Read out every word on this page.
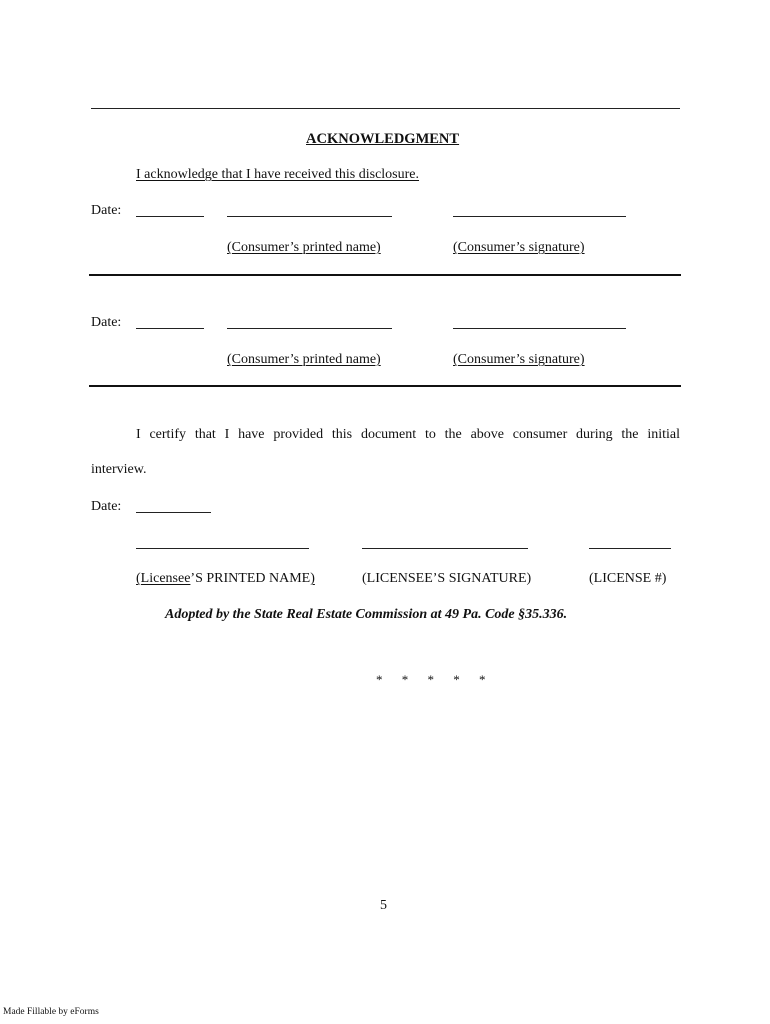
ACKNOWLEDGMENT
I acknowledge that I have received this disclosure.
Date:
(Consumer’s printed name)	(Consumer’s signature)
Date:
(Consumer’s printed name)	(Consumer’s signature)
I certify that I have provided this document to the above consumer during the initial
interview.
Date:
(Licensee’S PRINTED NAME)	(LICENSEE’S SIGNATURE)	(LICENSE #)
Adopted by the State Real Estate Commission at 49 Pa. Code §35.336.
* * * * *
5
Made Fillable by eForms
